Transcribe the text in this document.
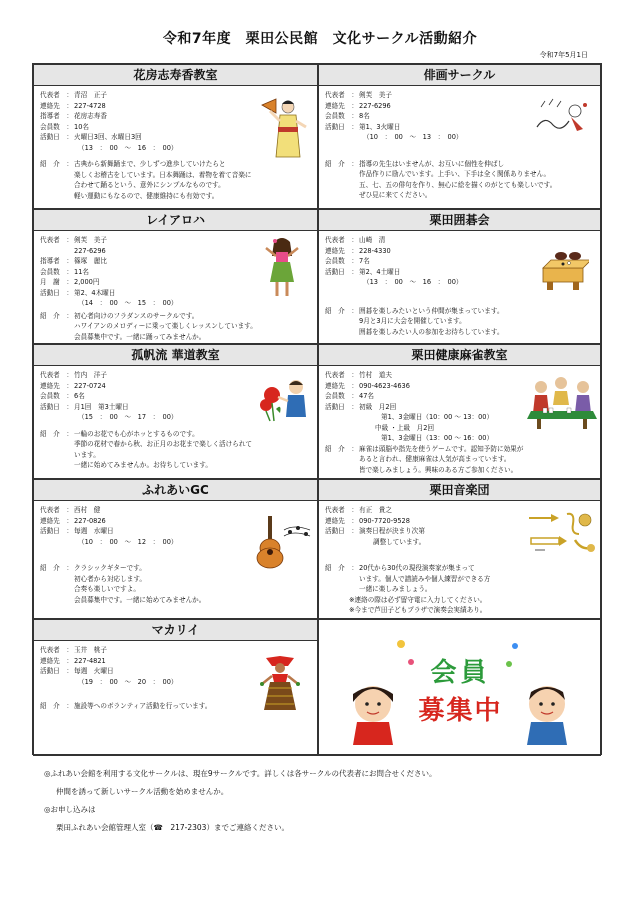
令和7年度　栗田公民館　文化サークル活動紹介
令和7年5月1日
花房志寿香教室
代表者　： 青沼　正子
連絡先　： 227-4728
指導者　： 花房志寿香
会員数　： 10名
活動日　： 火曜日3回、水曜日3回
（13　：　00　～　16　：　00）
紹　介　： 古典から新舞踊まで、少しずつ進歩していけたらと
楽しくお稽古をしています。日本舞踊は、着物を着て音楽に
合わせて踊るという、意外にシンプルなものです。
軽い運動にもなるので、健康維持にも有効です。
俳画サークル
代表者　： 剣芙　美子
連絡先　： 227-6296
会員数　： 8名
活動日　： 第1、3火曜日
（10　：　00　～　13　：　00）
紹　介　： 指導の先生はいませんが、お互いに個性を伸ばし
作品作りに励んでいます。上手い、下手は全く関係ありません。
五、七、五の俳句を作り、無心に絵を描くのがとても楽しいです。
ぜひ見に来てください。
レイアロハ
代表者　： 剣芙　美子

227-6296
指導者　： 篠塚　麗比
会員数　： 11名
月　謝　： 2,000円
活動日　： 第2、4木曜日
（14　：　00　～　15　：　00）
紹　介　： 初心者向けのフラダンスのサークルです。
ハワイアンのメロディーに乗って楽しくレッスンしています。
会員募集中です。一緒に踊ってみませんか。
栗田囲碁会
代表者　： 山崎　清
連絡先　： 228-4330
会員数　： 7名
活動日　： 第2、4土曜日
（13　：　00　～　16　：　00）
紹　介　： 囲碁を楽しみたいという仲間が集まっています。
9月と3月に大会を開催しています。
囲碁を楽しみたい人の参加をお待ちしています。
孤帆流 華道教室
代表者　： 竹内　洋子
連絡先　： 227-0724
会員数　： 6名
活動日　： 月1回　第3土曜日
（15　：　00　～　17　：　00）
紹　介　： 一輪のお花でも心がホッとするものです。
季節の花材で春から秋、お正月のお花まで楽しく活けられて
います。
一緒に始めてみませんか。お待ちしています。
栗田健康麻雀教室
代表者　： 竹村　道夫
連絡先　： 090-4623-4636
会員数　： 47名
活動日　： 初級　月2回
第1、3金曜日（10：00 ～ 13：00）
中級 ・上級　月2回
第1、3金曜日（13：00 ～ 16：00）
紹　介　： 麻雀は頭脳や指先を使うゲームです。認知予防に効果が
あると言われ、健康麻雀は人気が高まっています。
皆で楽しみましょう。興味のある方ご参加ください。
ふれあいGC
代表者　： 西村　健
連絡先　： 227-0826
活動日　： 毎週　水曜日
（10　：　00　～　12　：　00）
紹　介　： クラシックギターです。
初心者から対応します。
合奏も楽しいですよ。
会員募集中です。一緒に始めてみませんか。
栗田音楽団
代表者　： 有正　貴之
連絡先　： 090-7720-9528
活動日　： 演奏日程が決まり次第
調整しています。
紹　介　： 20代から30代の現役演奏家が集まって
います。個人で譜読みや個人練習ができる方
一緒に楽しみましょう。
※連絡の際は必ず留守電に入力してください。
※今まで芦田子どもプラザで演奏会実績あり。
マカリイ
代表者　： 玉井　桃子
連絡先　： 227-4821
活動日　： 毎週　火曜日
（19　：　00　～　20　：　00）
紹　介　： 施設等へのボランティア活動を行っています。
会員
募集中
◎ふれあい会館を利用する文化サークルは、現在9サークルです。詳しくは各サークルの代表者にお問合せください。
仲間を誘って新しいサークル活動を始めませんか。
◎お申し込みは
栗田ふれあい会館管理人室（☎　217-2303）までご連絡ください。
